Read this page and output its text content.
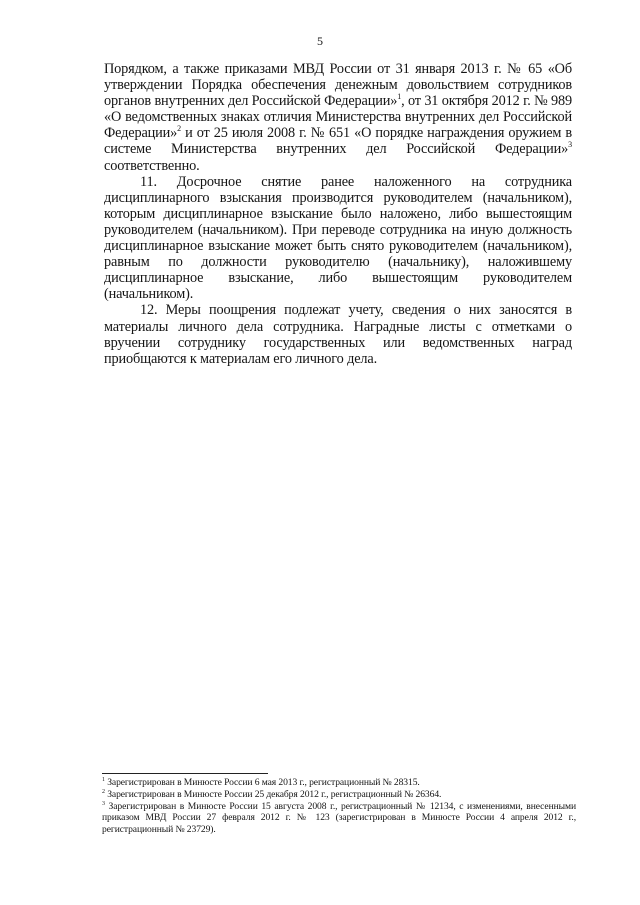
5

Порядком, а также приказами МВД России от 31 января 2013 г. № 65 «Об утверждении Порядка обеспечения денежным довольствием сотрудников органов внутренних дел Российской Федерации»$^1$, от 31 октября 2012 г. № 989 «О ведомственных знаках отличия Министерства внутренних дел Российской Федерации»$^2$ и от 25 июля 2008 г. № 651 «О порядке награждения оружием в системе Министерства внутренних дел Российской Федерации»$^3$ соответственно.

11. Досрочное снятие ранее наложенного на сотрудника дисциплинарного взыскания производится руководителем (начальником), которым дисциплинарное взыскание было наложено, либо вышестоящим руководителем (начальником). При переводе сотрудника на иную должность дисциплинарное взыскание может быть снято руководителем (начальником), равным по должности руководителю (начальнику), наложившему дисциплинарное взыскание, либо вышестоящим руководителем (начальником).

12. Меры поощрения подлежат учету, сведения о них заносятся в материалы личного дела сотрудника. Наградные листы с отметками о вручении сотруднику государственных или ведомственных наград приобщаются к материалам его личного дела.

$^1$ Зарегистрирован в Минюсте России 6 мая 2013 г., регистрационный № 28315.

$^2$ Зарегистрирован в Минюсте России 25 декабря 2012 г., регистрационный № 26364.

$^3$ Зарегистрирован в Минюсте России 15 августа 2008 г., регистрационный № 12134, с изменениями, внесенными приказом МВД России 27 февраля 2012 г. № 123 (зарегистрирован в Минюсте России 4 апреля 2012 г., регистрационный № 23729).
